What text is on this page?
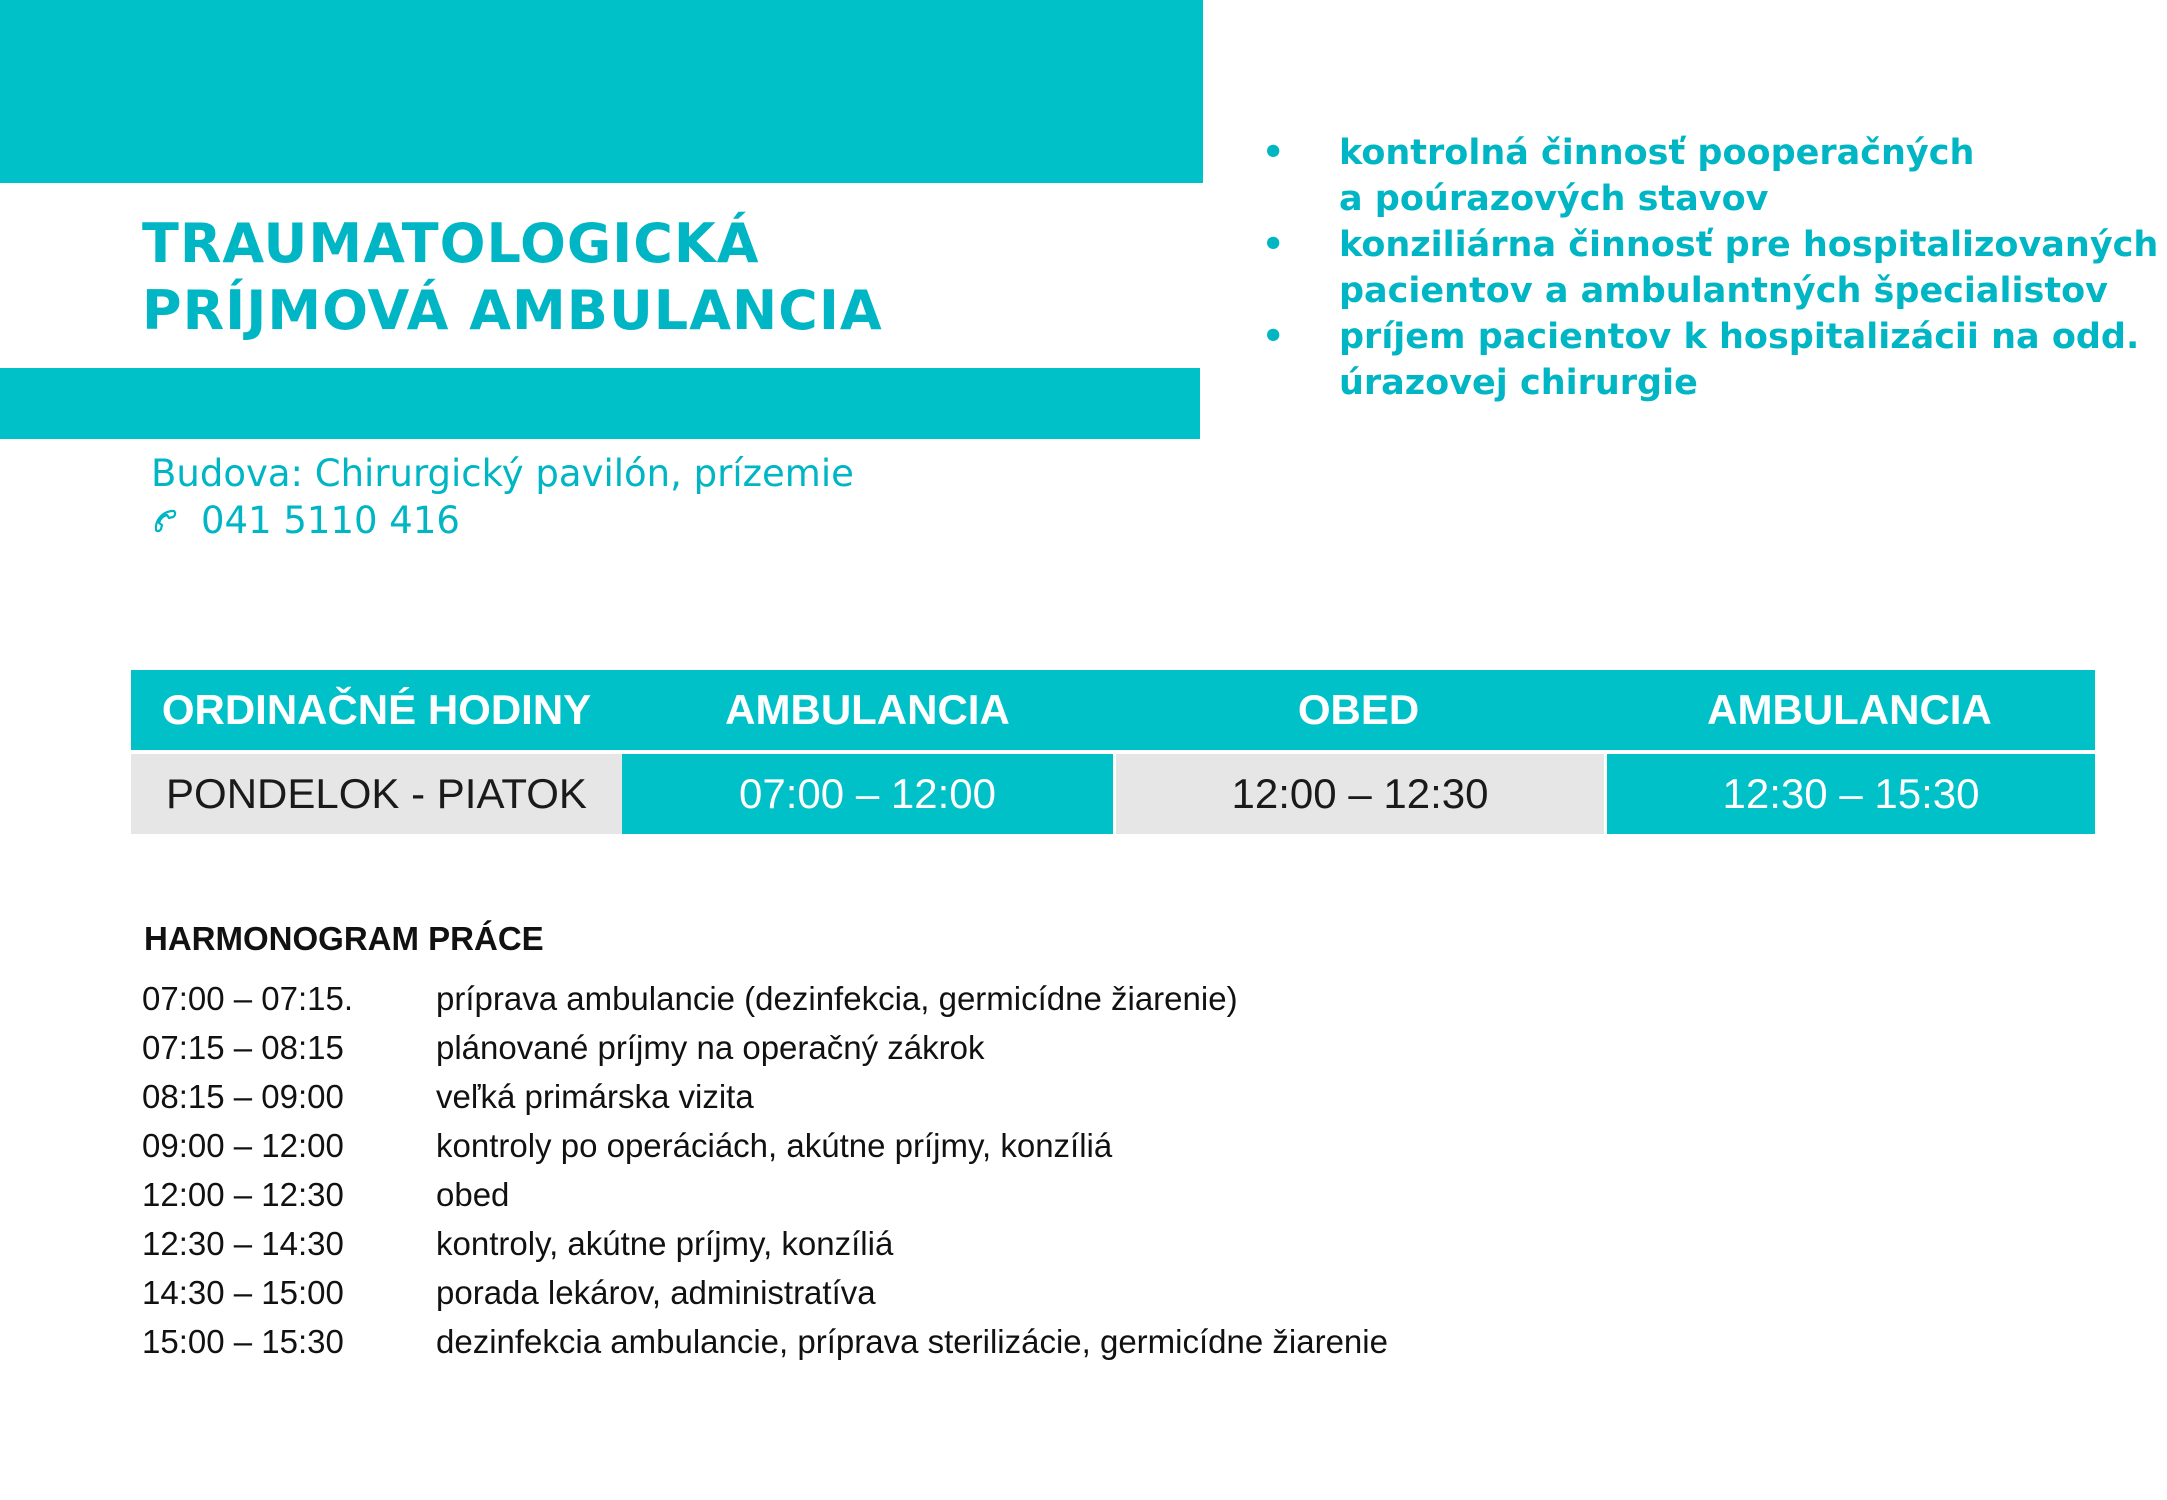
TRAUMATOLOGICKÁ
PRÍJMOVÁ AMBULANCIA
• kontrolná činnosť pooperačných
a poúrazových stavov
• konziliárna činnosť pre hospitalizovaných
pacientov a ambulantných špecialistov
• príjem pacientov k hospitalizácii na odd.
úrazovej chirurgie
Budova: Chirurgický pavilón, prízemie
041 5110 416
ORDINAČNÉ HODINY	AMBULANCIA	OBED	AMBULANCIA
PONDELOK - PIATOK	07:00 – 12:00	12:00 – 12:30	12:30 – 15:30
HARMONOGRAM PRÁCE
07:00 – 07:15.	príprava ambulancie (dezinfekcia, germicídne žiarenie)
07:15 – 08:15	plánované príjmy na operačný zákrok
08:15 – 09:00	veľká primárska vizita
09:00 – 12:00	kontroly po operáciách, akútne príjmy, konzíliá
12:00 – 12:30	obed
12:30 – 14:30	kontroly, akútne príjmy, konzíliá
14:30 – 15:00	porada lekárov, administratíva
15:00 – 15:30	dezinfekcia ambulancie, príprava sterilizácie, germicídne žiarenie
